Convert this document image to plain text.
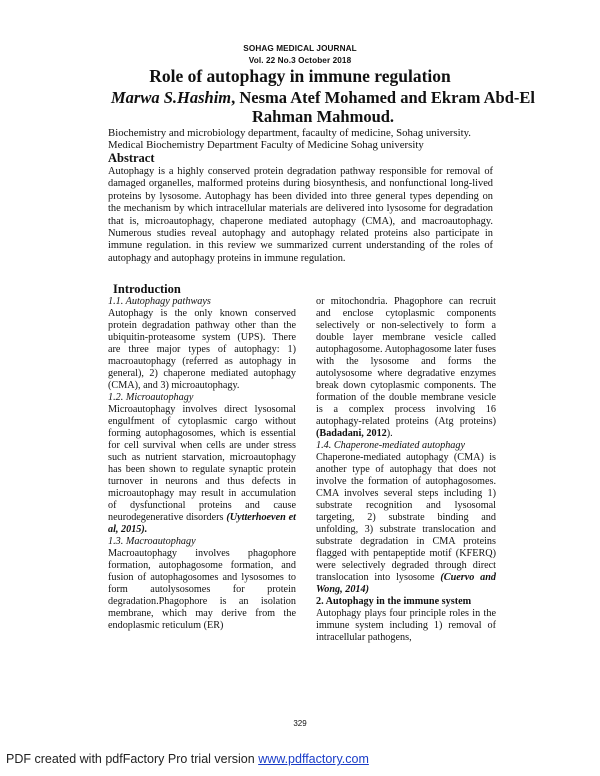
SOHAG MEDICAL JOURNAL
Vol. 22 No.3 October 2018
Role of autophagy in immune regulation
Marwa S.Hashim, Nesma Atef Mohamed and Ekram Abd-El Rahman Mahmoud.
Biochemistry and microbiology department, facaulty of medicine, Sohag university.
Medical Biochemistry Department Faculty of Medicine Sohag university
Abstract
Autophagy is a highly conserved protein degradation pathway responsible for removal of damaged organelles, malformed proteins during biosynthesis, and nonfunctional long-lived proteins by lysosome. Autophagy has been divided into three general types depending on the mechanism by which intracellular materials are delivered into lysosome for degradation that is, microautophagy, chaperone mediated autophagy (CMA), and macroautophagy. Numerous studies reveal autophagy and autophagy related proteins also participate in immune regulation. in this review we summarized current understanding of the roles of autophagy and autophagy proteins in immune regulation.
Introduction

1.1. Autophagy pathways

Autophagy is the only known conserved protein degradation pathway other than the ubiquitin-proteasome system (UPS). There are three major types of autophagy: 1) macroautophagy (referred as autophagy in general), 2) chaperone mediated autophagy (CMA), and 3) microautophagy.

1.2. Microautophagy

Microautophagy involves direct lysosomal engulfment of cytoplasmic cargo without forming autophagosomes, which is essential for cell survival when cells are under stress such as nutrient starvation, microautophagy has been shown to regulate synaptic protein turnover in neurons and thus defects in microautophagy may result in accumulation of dysfunctional proteins and cause neurodegenerative disorders (Uytterhoeven et al, 2015).

1.3. Macroautophagy

Macroautophagy involves phagophore formation, autophagosome formation, and fusion of autophagosomes and lysosomes to form autolysosomes for protein degradation.Phagophore is an isolation membrane, which may derive from the endoplasmic reticulum (ER)

or mitochondria. Phagophore can recruit and enclose cytoplasmic components selectively or non-selectively to form a double layer membrane vesicle called autophagosome. Autophagosome later fuses with the lysosome and forms the autolysosome where degradative enzymes break down cytoplasmic components. The formation of the double membrane vesicle is a complex process involving 16 autophagy-related proteins (Atg proteins) (Badadani, 2012).

1.4. Chaperone-mediated autophagy

Chaperone-mediated autophagy (CMA) is another type of autophagy that does not involve the formation of autophagosomes. CMA involves several steps including 1) substrate recognition and lysosomal targeting, 2) substrate binding and unfolding, 3) substrate translocation and substrate degradation in CMA proteins flagged with pentapeptide motif (KFERQ) were selectively degraded through direct translocation into lysosome (Cuervo and Wong, 2014)

2. Autophagy in the immune system

Autophagy plays four principle roles in the immune system including 1) removal of intracellular pathogens,

329
PDF created with pdfFactory Pro trial version www.pdffactory.com
